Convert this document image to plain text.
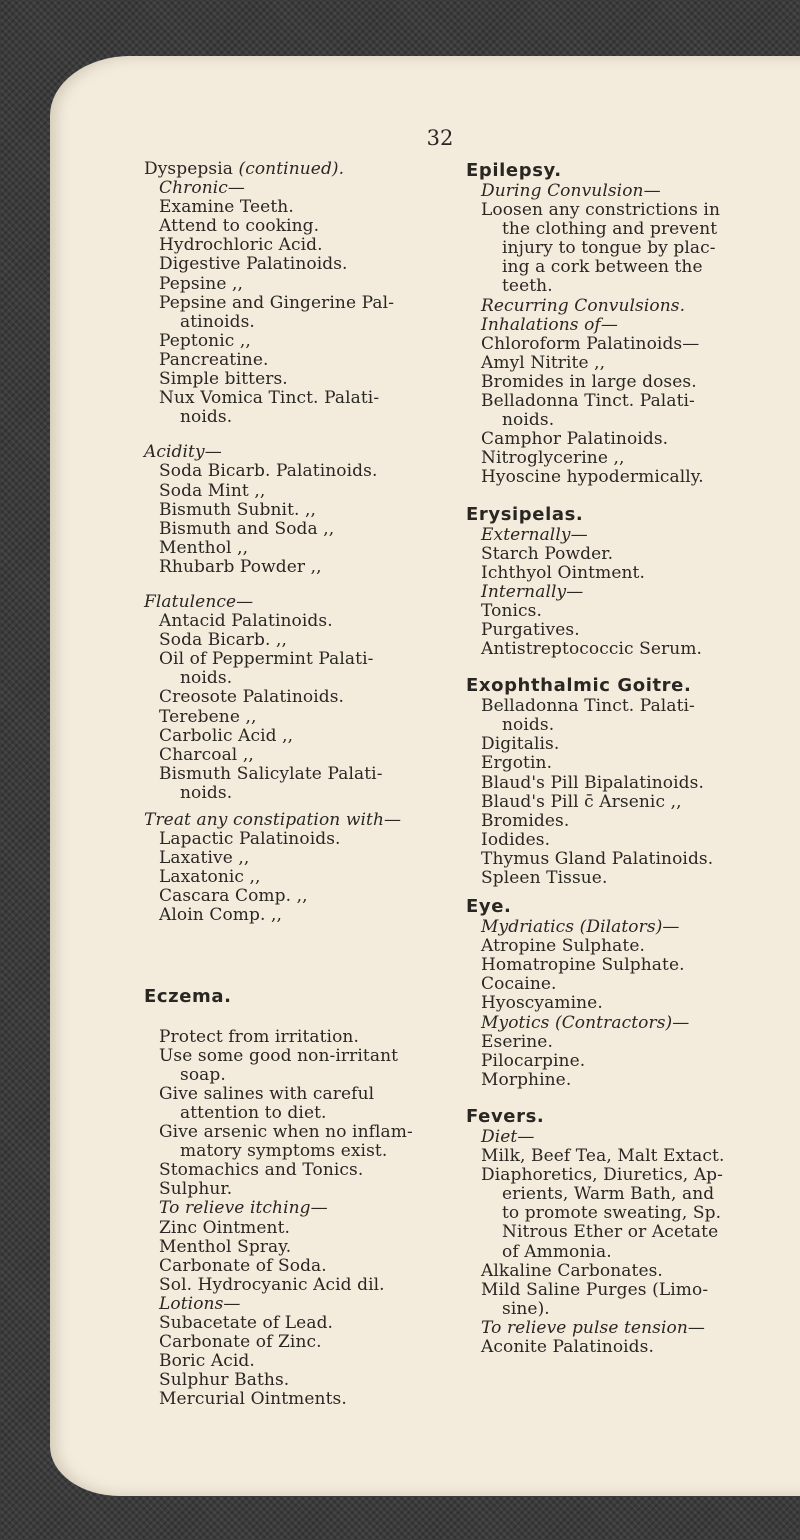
32
Dyspepsia (continued).
Chronic—
Examine Teeth.
Attend to cooking.
Hydrochloric Acid.
Digestive Palatinoids.
Pepsine ,,
Pepsine and Gingerine Pal-
atinoids.
Peptonic ,,
Pancreatine.
Simple bitters.
Nux Vomica Tinct. Palati-
noids.
Acidity—
Soda Bicarb. Palatinoids.
Soda Mint ,,
Bismuth Subnit. ,,
Bismuth and Soda ,,
Menthol ,,
Rhubarb Powder ,,
Flatulence—
Antacid Palatinoids.
Soda Bicarb. ,,
Oil of Peppermint Palati-
noids.
Creosote Palatinoids.
Terebene ,,
Carbolic Acid ,,
Charcoal ,,
Bismuth Salicylate Palati-
noids.
Treat any constipation with—
Lapactic Palatinoids.
Laxative ,,
Laxatonic ,,
Cascara Comp. ,,
Aloin Comp. ,,
Eczema.
Protect from irritation.
Use some good non-irritant
soap.
Give salines with careful
attention to diet.
Give arsenic when no inflam-
matory symptoms exist.
Stomachics and Tonics.
Sulphur.
To relieve itching—
Zinc Ointment.
Menthol Spray.
Carbonate of Soda.
Sol. Hydrocyanic Acid dil.
Lotions—
Subacetate of Lead.
Carbonate of Zinc.
Boric Acid.
Sulphur Baths.
Mercurial Ointments.
Epilepsy.
During Convulsion—
Loosen any constrictions in
the clothing and prevent
injury to tongue by plac-
ing a cork between the
teeth.
Recurring Convulsions.
Inhalations of—
Chloroform Palatinoids—
Amyl Nitrite ,,
Bromides in large doses.
Belladonna Tinct. Palati-
noids.
Camphor Palatinoids.
Nitroglycerine ,,
Hyoscine hypodermically.
Erysipelas.
Externally—
Starch Powder.
Ichthyol Ointment.
Internally—
Tonics.
Purgatives.
Antistreptococcic Serum.
Exophthalmic Goitre.
Belladonna Tinct. Palati-
noids.
Digitalis.
Ergotin.
Blaud's Pill Bipalatinoids.
Blaud's Pill c̄ Arsenic ,,
Bromides.
Iodides.
Thymus Gland Palatinoids.
Spleen Tissue.
Eye.
Mydriatics (Dilators)—
Atropine Sulphate.
Homatropine Sulphate.
Cocaine.
Hyoscyamine.
Myotics (Contractors)—
Eserine.
Pilocarpine.
Morphine.
Fevers.
Diet—
Milk, Beef Tea, Malt Extact.
Diaphoretics, Diuretics, Ap-
erients, Warm Bath, and
to promote sweating, Sp.
Nitrous Ether or Acetate
of Ammonia.
Alkaline Carbonates.
Mild Saline Purges (Limo-
sine).
To relieve pulse tension—
Aconite Palatinoids.
